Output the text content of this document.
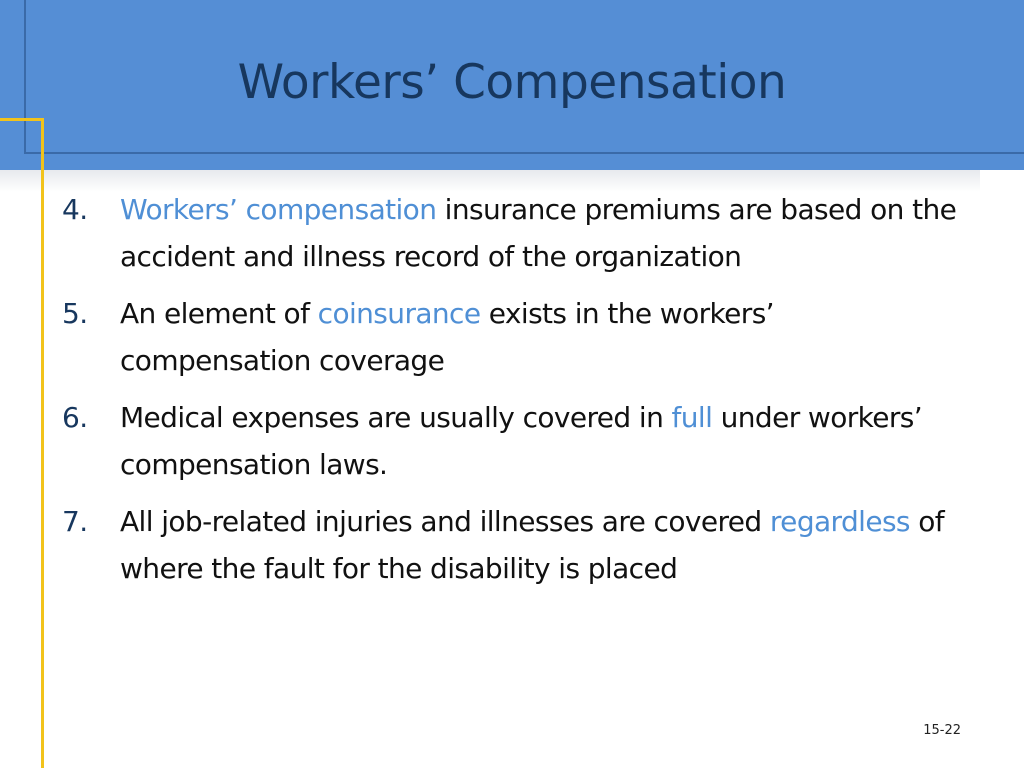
Workers’ Compensation
4. Workers’ compensation insurance premiums are based on the accident and illness record of the organization
5. An element of coinsurance exists in the workers’ compensation coverage
6. Medical expenses are usually covered in full under workers’ compensation laws.
7. All job-related injuries and illnesses are covered regardless of where the fault for the disability is placed
15-22
